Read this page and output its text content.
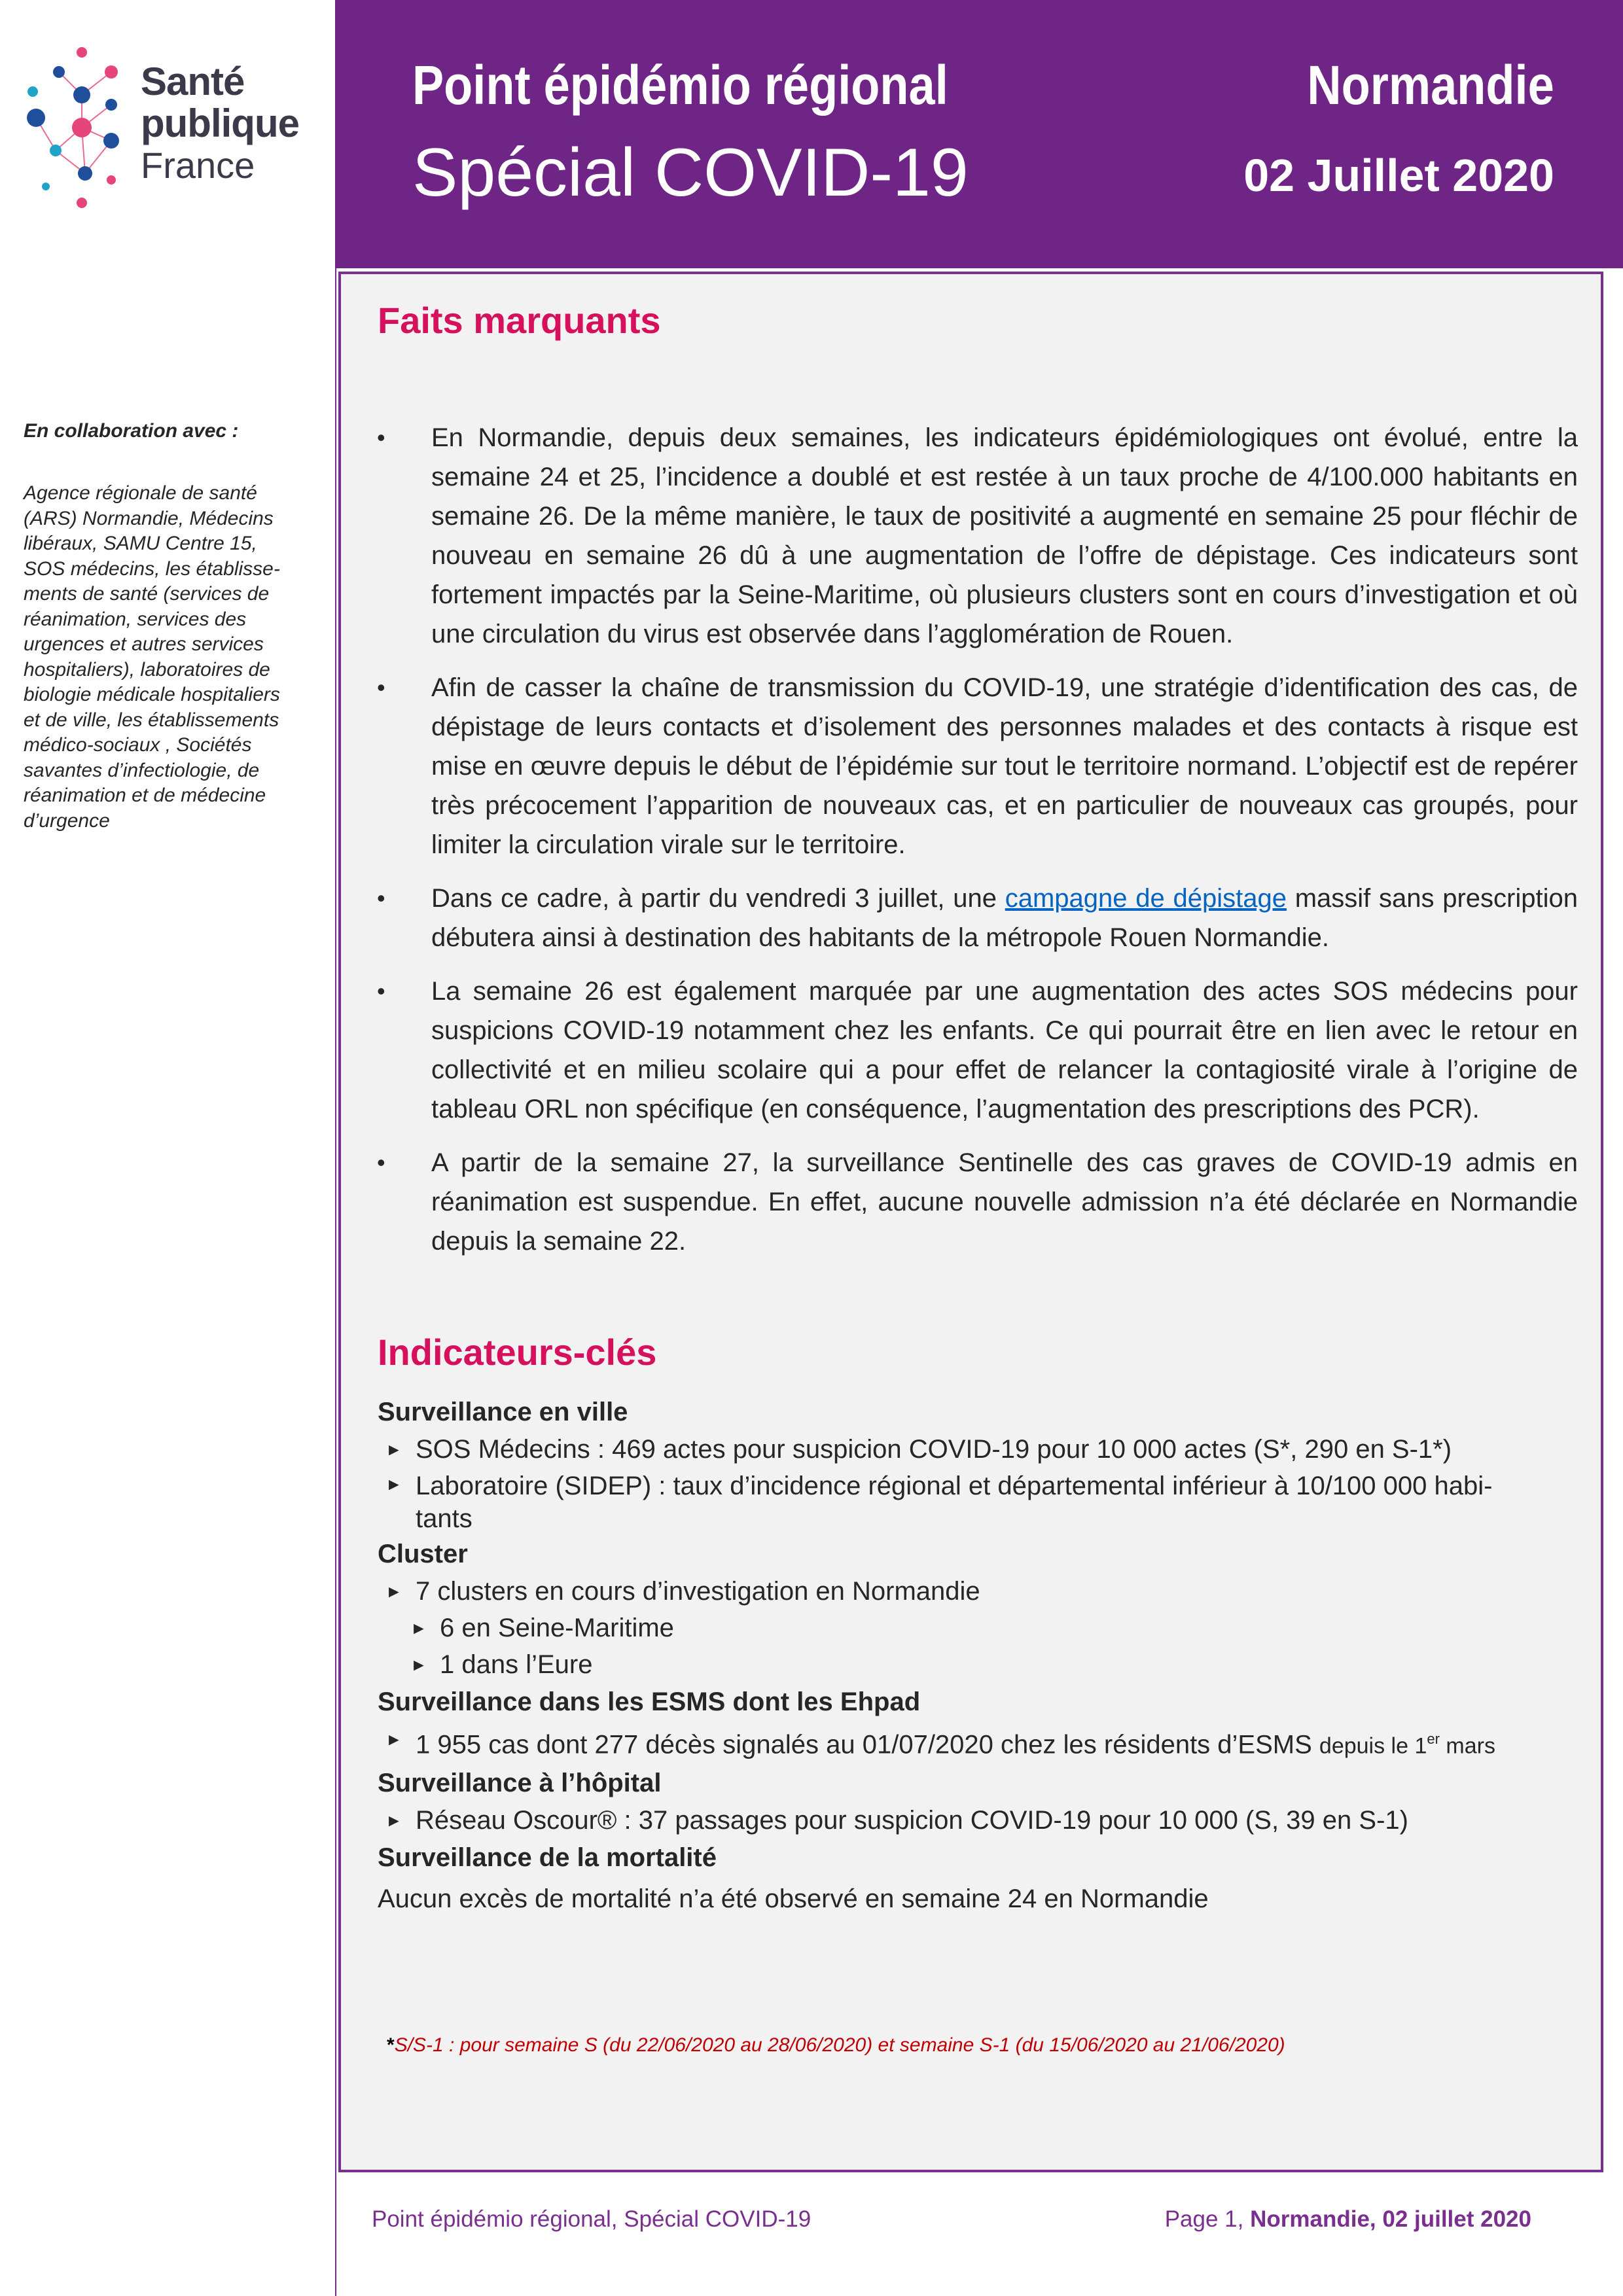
Santé
publique
France
Point épidémio régional
Spécial COVID-19
Normandie
02 Juillet 2020
En collaboration avec :
Agence régionale de santé
(ARS) Normandie, Médecins
libéraux, SAMU Centre 15,
SOS médecins, les établisse-
ments de santé (services de
réanimation, services des
urgences et autres services
hospitaliers), laboratoires de
biologie médicale hospitaliers
et de ville, les établissements
médico-sociaux , Sociétés
savantes d’infectiologie, de
réanimation et de médecine
d’urgence
Faits marquants
• En Normandie, depuis deux semaines, les indicateurs épidémiologiques ont évolué, entre la semaine 24 et 25, l’incidence a doublé et est restée à un taux proche de 4/100.000 habitants en semaine 26. De la même manière, le taux de positivité a augmenté en semaine 25 pour fléchir de nouveau en semaine 26 dû à une augmentation de l’offre de dépistage. Ces indicateurs sont fortement impactés par la Seine-Maritime, où plusieurs clusters sont en cours d’investigation et où une circulation du virus est observée dans l’agglomération de Rouen.
• Afin de casser la chaîne de transmission du COVID-19, une stratégie d’identification des cas, de dépistage de leurs contacts et d’isolement des personnes malades et des contacts à risque est mise en œuvre depuis le début de l’épidémie sur tout le territoire normand. L’objectif est de repérer très précocement l’apparition de nouveaux cas, et en particulier de nouveaux cas groupés, pour limiter la circulation virale sur le territoire.
• Dans ce cadre, à partir du vendredi 3 juillet, une campagne de dépistage massif sans prescription débutera ainsi à destination des habitants de la métropole Rouen Normandie.
• La semaine 26 est également marquée par une augmentation des actes SOS médecins pour suspicions COVID-19 notamment chez les enfants. Ce qui pourrait être en lien avec le retour en collectivité et en milieu scolaire qui a pour effet de relancer la contagiosité virale à l’origine de tableau ORL non spécifique (en conséquence, l’augmentation des prescriptions des PCR).
• A partir de la semaine 27, la surveillance Sentinelle des cas graves de COVID-19 admis en réanimation est suspendue. En effet, aucune nouvelle admission n’a été déclarée en Normandie depuis la semaine 22.
Indicateurs-clés
Surveillance en ville
► SOS Médecins : 469 actes pour suspicion COVID-19 pour 10 000 actes (S*, 290 en S-1*)
► Laboratoire (SIDEP) : taux d’incidence régional et départemental inférieur à 10/100 000 habi-
tants
Cluster
► 7 clusters en cours d’investigation en Normandie
► 6 en Seine-Maritime
► 1 dans l’Eure
Surveillance dans les ESMS dont les Ehpad
► 1 955 cas dont 277 décès signalés au 01/07/2020 chez les résidents d’ESMS depuis le 1er mars
Surveillance à l’hôpital
► Réseau Oscour® : 37 passages pour suspicion COVID-19 pour 10 000 (S, 39 en S-1)
Surveillance de la mortalité
Aucun excès de mortalité n’a été observé en semaine 24 en Normandie
*S/S-1 : pour semaine S (du 22/06/2020 au 28/06/2020) et semaine S-1 (du 15/06/2020 au 21/06/2020)
Point épidémio régional, Spécial COVID-19	Page 1, Normandie, 02 juillet 2020
